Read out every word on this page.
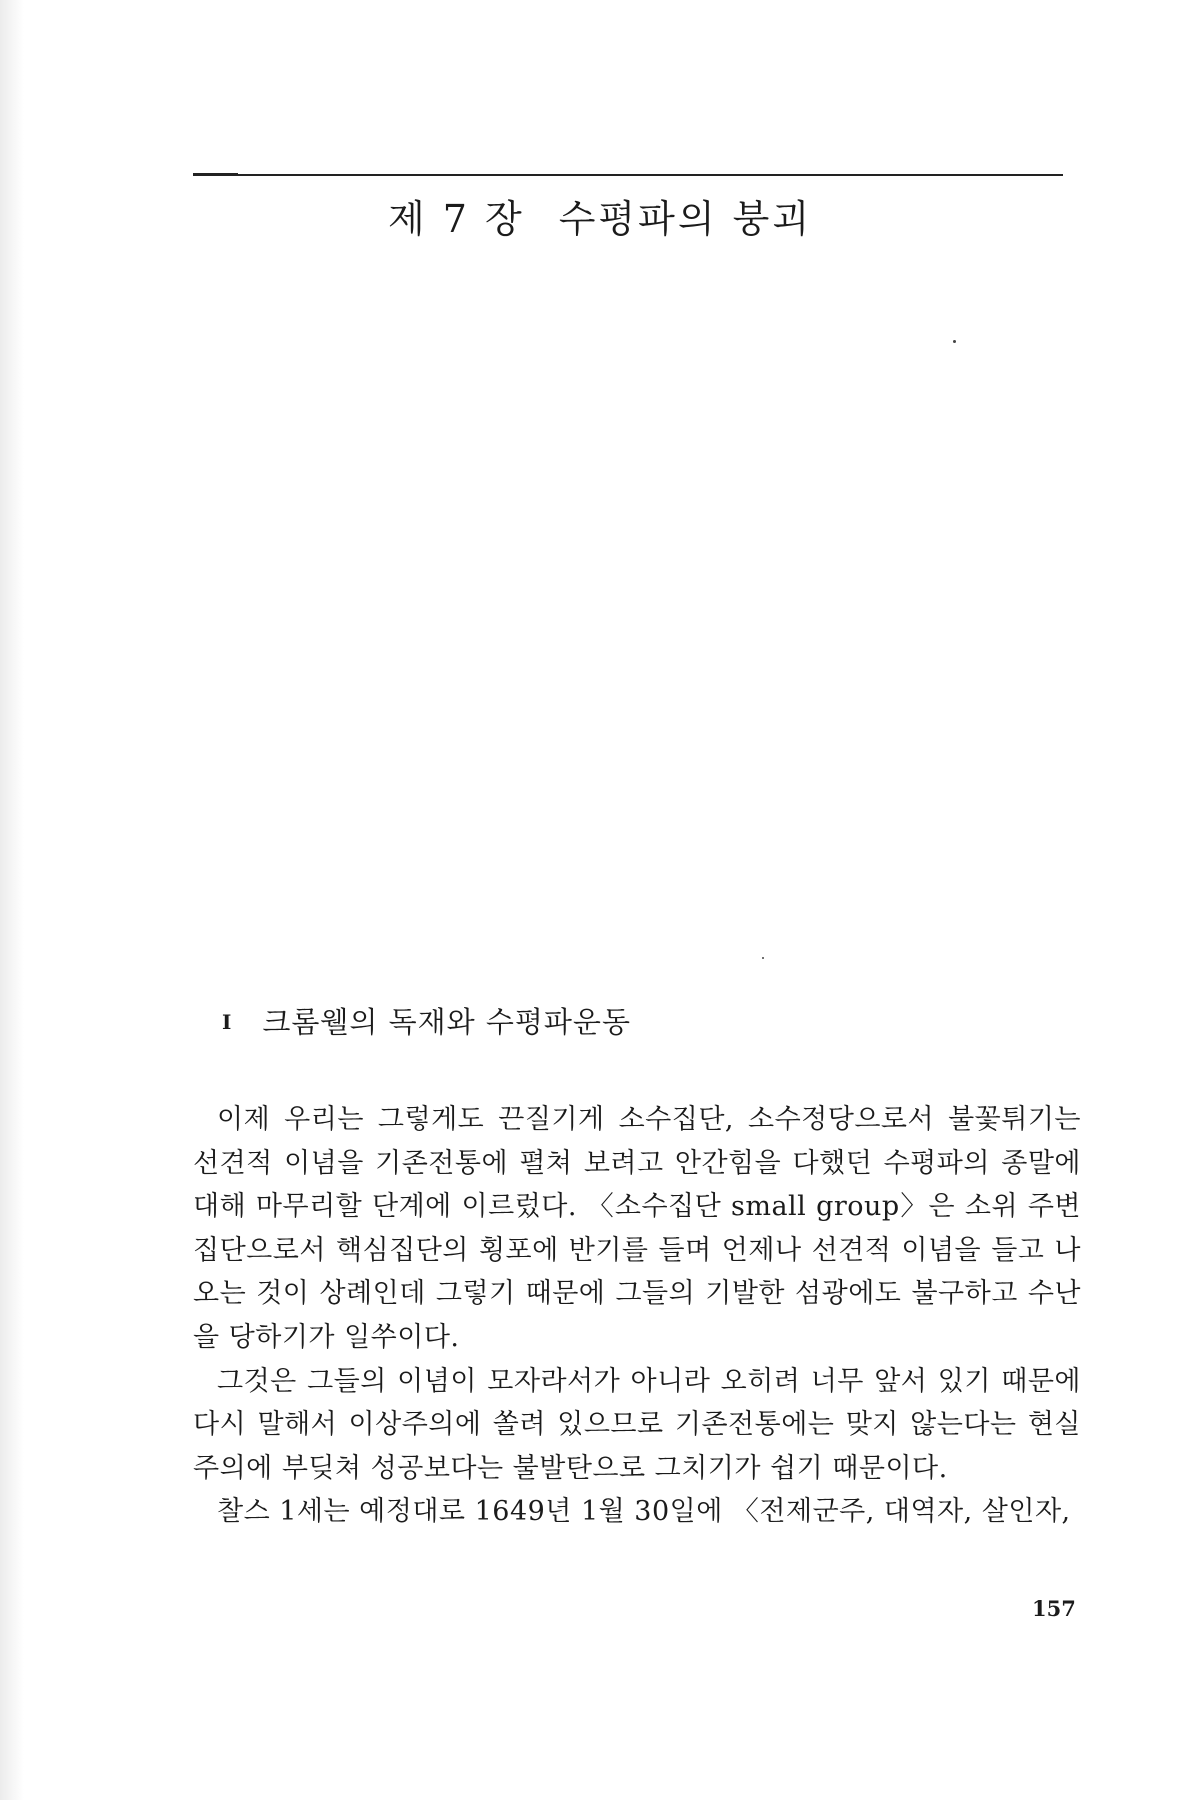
제 7 장 수평파의 붕괴
I 크롬웰의 독재와 수평파운동

이제 우리는 그렇게도 끈질기게 소수집단, 소수정당으로서 불꽃튀기는 선견적 이념을 기존전통에 펼쳐 보려고 안간힘을 다했던 수평파의 종말에 대해 마무리할 단계에 이르렀다. 〈소수집단 small group〉은 소위 주변집단으로서 핵심집단의 횡포에 반기를 들며 언제나 선견적 이념을 들고 나오는 것이 상례인데 그렇기 때문에 그들의 기발한 섬광에도 불구하고 수난을 당하기가 일쑤이다.

그것은 그들의 이념이 모자라서가 아니라 오히려 너무 앞서 있기 때문에 다시 말해서 이상주의에 쏠려 있으므로 기존전통에는 맞지 않는다는 현실주의에 부딪쳐 성공보다는 불발탄으로 그치기가 쉽기 때문이다.

찰스 1세는 예정대로 1649년 1월 30일에 〈전제군주, 대역자, 살인자,

157
